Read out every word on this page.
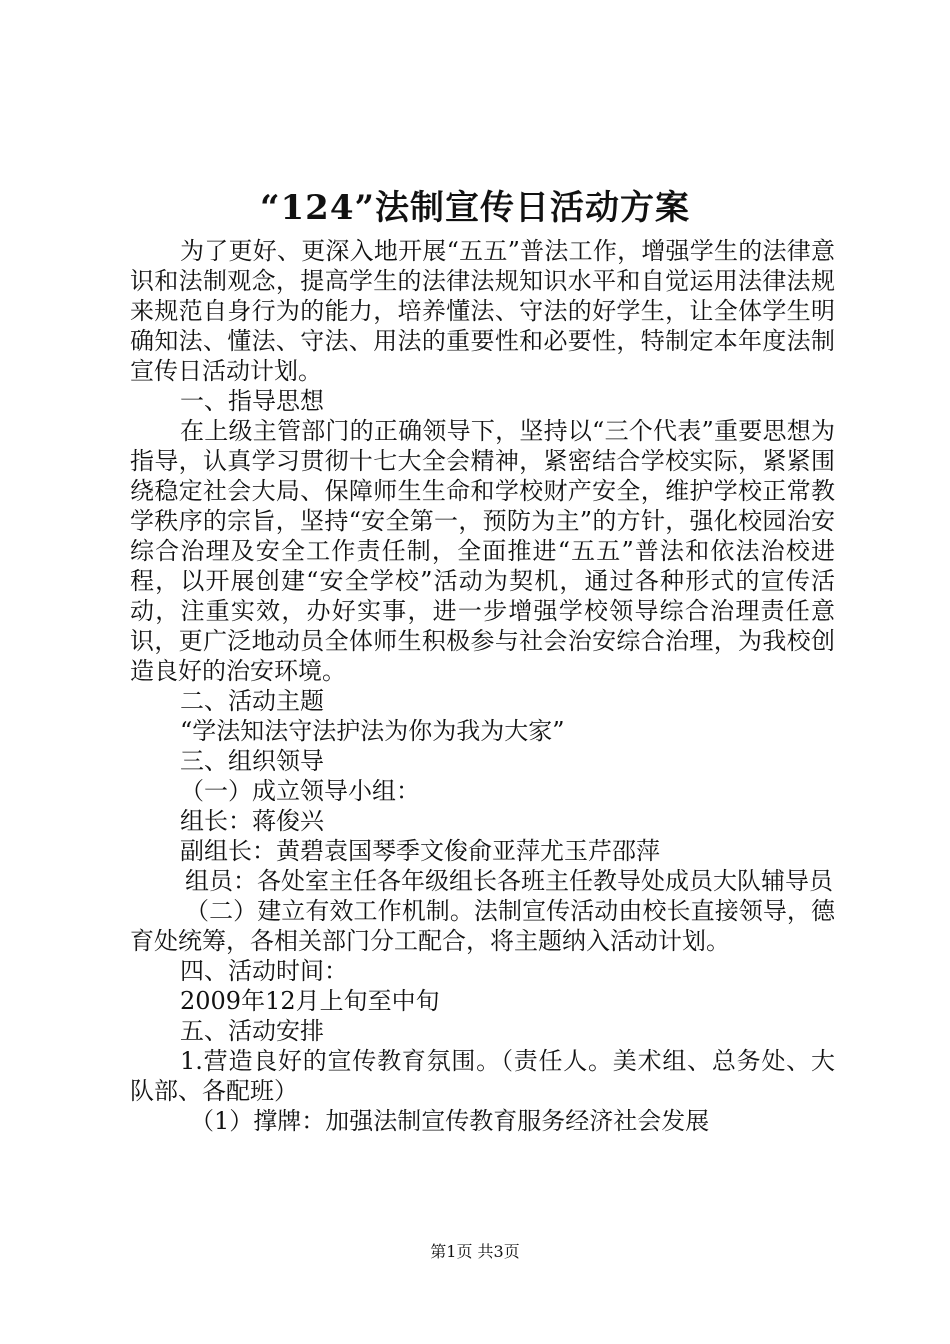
“124”法制宣传日活动方案

为了更好、更深入地开展“五五”普法工作，增强学生的法律意识和法制观念，提高学生的法律法规知识水平和自觉运用法律法规来规范自身行为的能力，培养懂法、守法的好学生，让全体学生明确知法、懂法、守法、用法的重要性和必要性，特制定本年度法制宣传日活动计划。

一、指导思想

在上级主管部门的正确领导下，坚持以“三个代表”重要思想为指导，认真学习贯彻十七大全会精神，紧密结合学校实际，紧紧围绕稳定社会大局、保障师生生命和学校财产安全，维护学校正常教学秩序的宗旨，坚持“安全第一，预防为主”的方针，强化校园治安综合治理及安全工作责任制，全面推进“五五”普法和依法治校进程，以开展创建“安全学校”活动为契机，通过各种形式的宣传活动，注重实效，办好实事，进一步增强学校领导综合治理责任意识，更广泛地动员全体师生积极参与社会治安综合治理，为我校创造良好的治安环境。

二、活动主题

“学法知法守法护法为你为我为大家”

三、组织领导

（一）成立领导小组：

组长：蒋俊兴

副组长：黄碧袁国琴季文俊俞亚萍尤玉芹邵萍

组员：各处室主任各年级组长各班主任教导处成员大队辅导员

（二）建立有效工作机制。法制宣传活动由校长直接领导，德育处统筹，各相关部门分工配合，将主题纳入活动计划。

四、活动时间：

2009年12月上旬至中旬

五、活动安排

1.营造良好的宣传教育氛围。（责任人。美术组、总务处、大队部、各配班）

（1）撑牌：加强法制宣传教育服务经济社会发展

第1页 共3页
